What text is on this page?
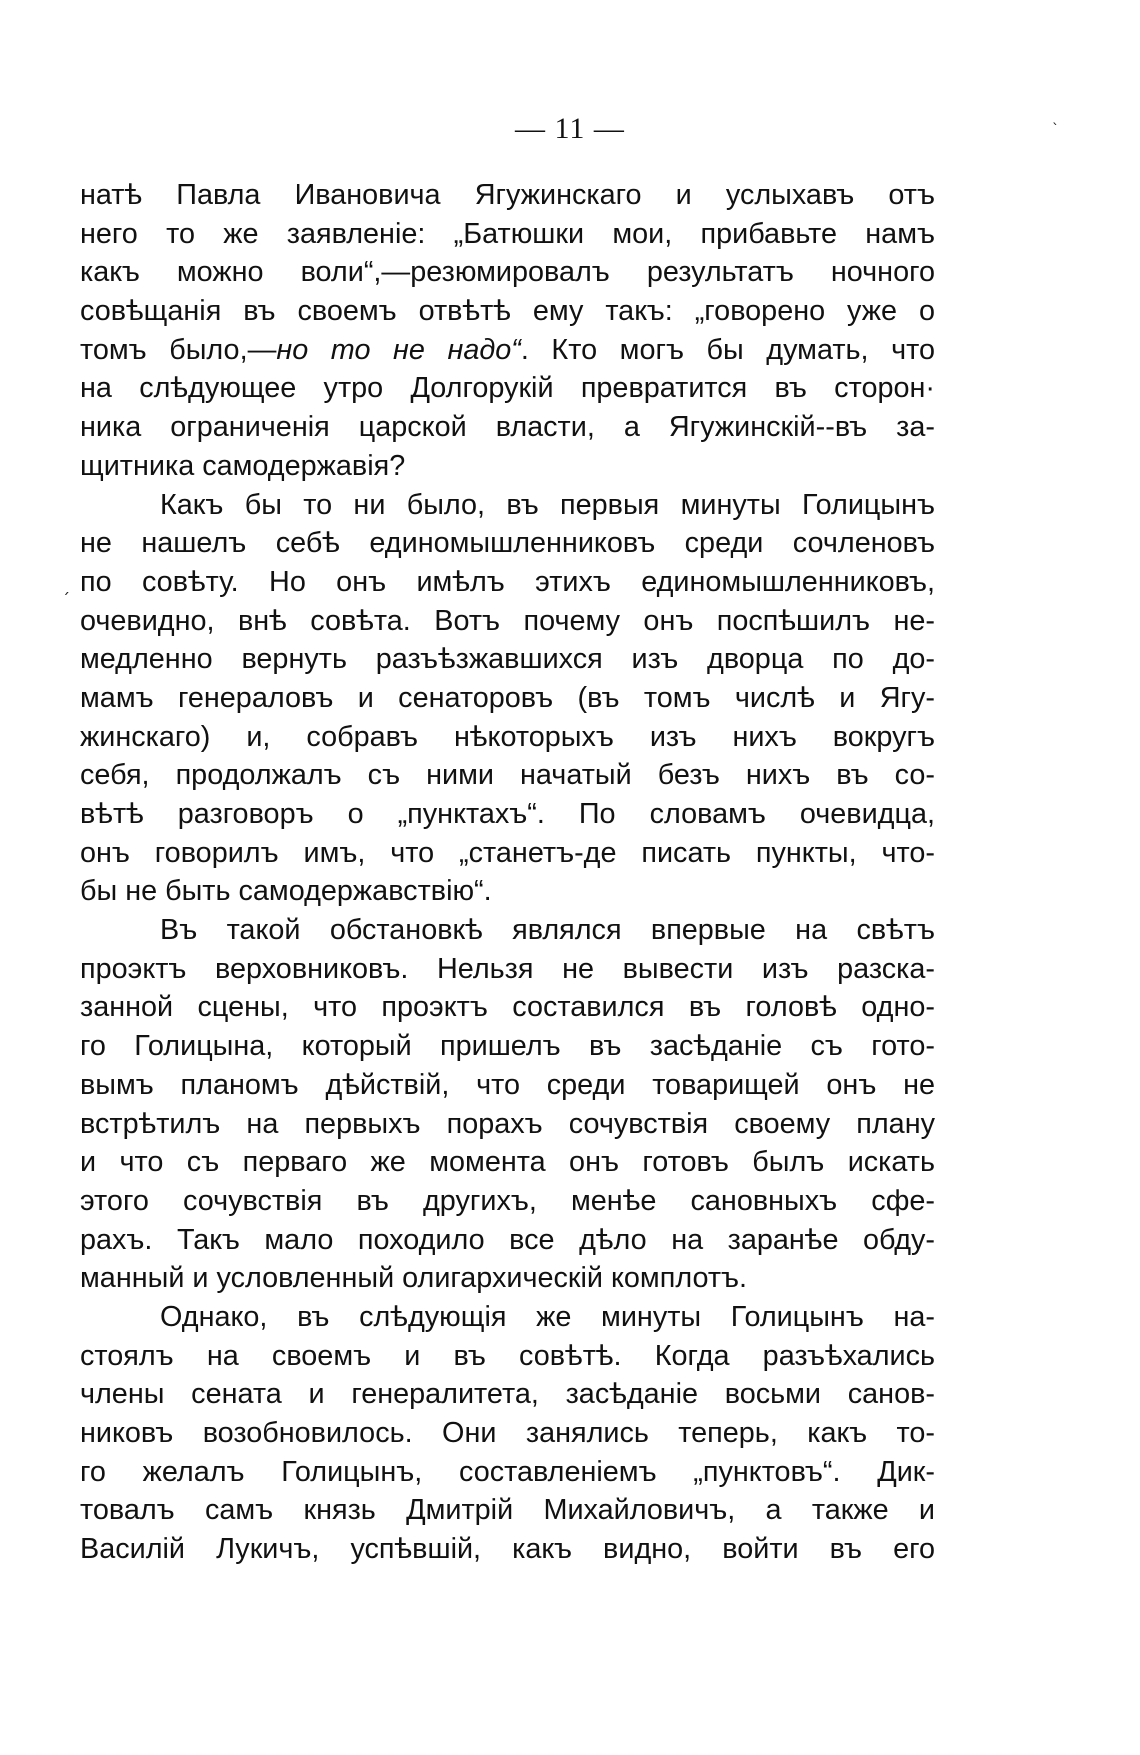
— 11 —	ˋ
ˏ
натѣ Павла Ивановича Ягужинскаго и услыхавъ отъ
него то же заявленіе: „Батюшки мои, прибавьте намъ
какъ можно воли“,—резюмировалъ результатъ ночного
совѣщанія въ своемъ отвѣтѣ ему такъ: „говорено уже о
томъ было,—но то не надо“. Кто могъ бы думать, что
на слѣдующее утро Долгорукій превратится въ сторон·
ника ограниченія царской власти, а Ягужинскій--въ за-
щитника самодержавія?
Какъ бы то ни было, въ первыя минуты Голицынъ
не нашелъ себѣ единомышленниковъ среди сочленовъ
по совѣту. Но онъ имѣлъ этихъ единомышленниковъ,
очевидно, внѣ совѣта. Вотъ почему онъ поспѣшилъ не-
медленно вернуть разъѣзжавшихся изъ дворца по до-
мамъ генераловъ и сенаторовъ (въ томъ числѣ и Ягу-
жинскаго) и, собравъ нѣкоторыхъ изъ нихъ вокругъ
себя, продолжалъ съ ними начатый безъ нихъ въ со-
вѣтѣ разговоръ о „пунктахъ“. По словамъ очевидца,
онъ говорилъ имъ, что „станетъ-де писать пункты, что-
бы не быть самодержавствію“.
Въ такой обстановкѣ являлся впервые на свѣтъ
проэктъ верховниковъ. Нельзя не вывести изъ разска-
занной сцены, что проэктъ составился въ головѣ одно-
го Голицына, который пришелъ въ засѣданіе съ гото-
вымъ планомъ дѣйствій, что среди товарищей онъ не
встрѣтилъ на первыхъ порахъ сочувствія своему плану
и что съ перваго же момента онъ готовъ былъ искать
этого сочувствія въ другихъ, менѣе сановныхъ сфе-
рахъ. Такъ мало походило все дѣло на заранѣе обду-
манный и условленный олигархическій комплотъ.
Однако, въ слѣдующія же минуты Голицынъ на-
стоялъ на своемъ и въ совѣтѣ. Когда разъѣхались
члены сената и генералитета, засѣданіе восьми санов-
никовъ возобновилось. Они занялись теперь, какъ то-
го желалъ Голицынъ, составленіемъ „пунктовъ“. Дик-
товалъ самъ князь Дмитрій Михайловичъ, а также и
Василій Лукичъ, успѣвшій, какъ видно, войти въ его
